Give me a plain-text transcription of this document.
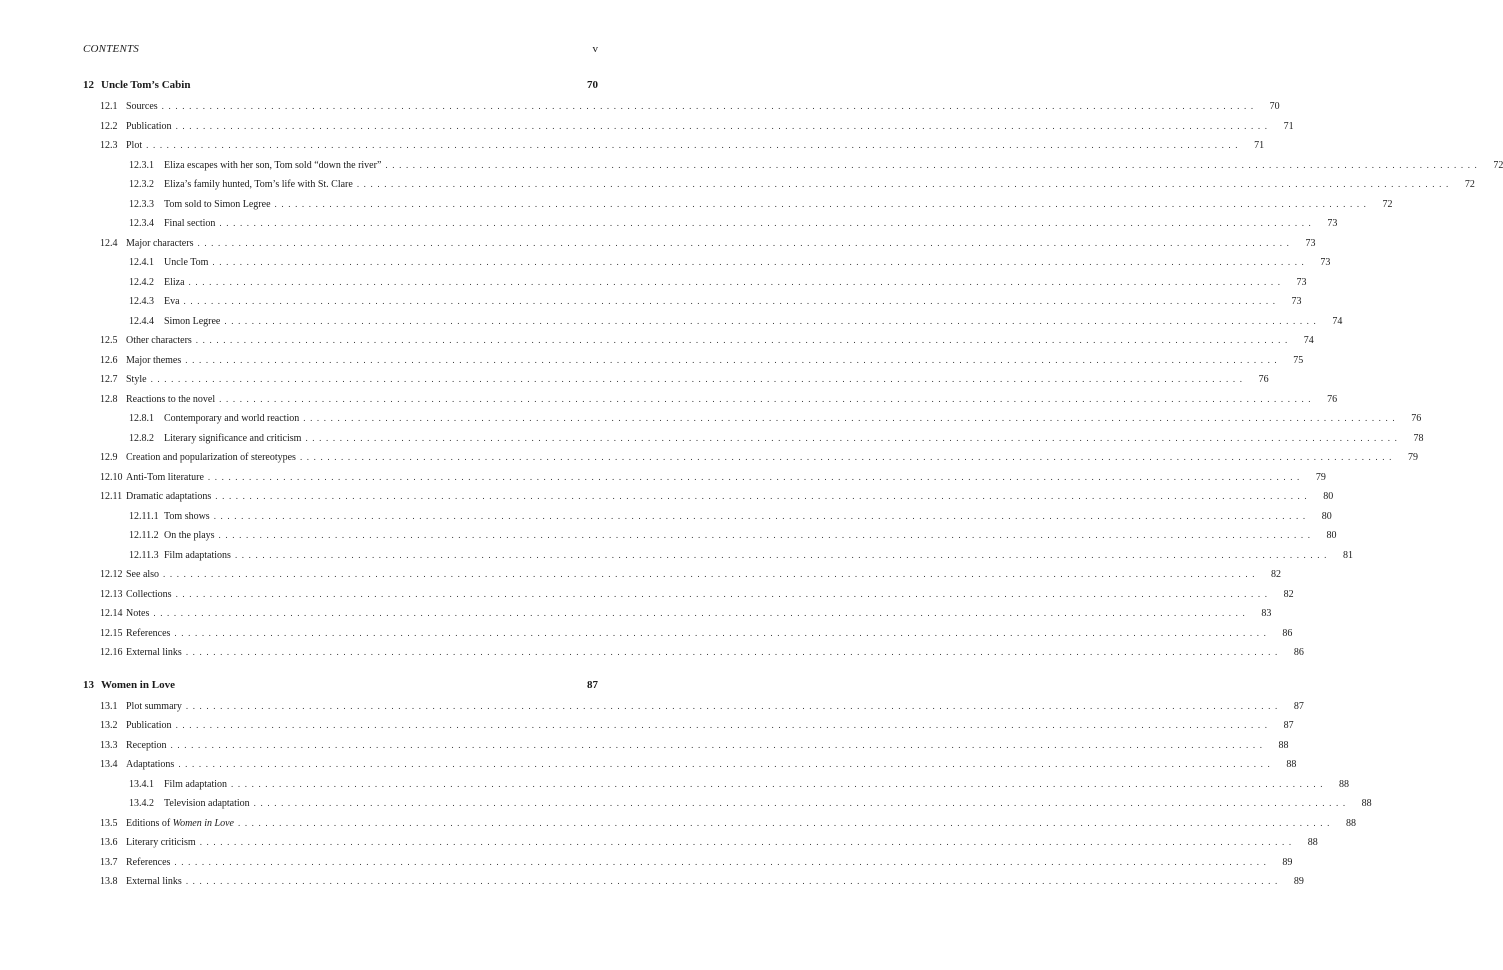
CONTENTS	v
12 Uncle Tom’s Cabin	70
12.1 Sources ................................................................................................................................................................	70
12.2 Publication ................................................................................................................................................................	71
12.3 Plot ................................................................................................................................................................	71
12.3.1	Eliza escapes with her son, Tom sold “down the river” ................................................................................................................................................................	72
12.3.2	Eliza’s family hunted, Tom’s life with St. Clare ................................................................................................................................................................	72
12.3.3	Tom sold to Simon Legree ................................................................................................................................................................	72
12.3.4	Final section ................................................................................................................................................................	73
12.4 Major characters ................................................................................................................................................................	73
12.4.1	Uncle Tom ................................................................................................................................................................	73
12.4.2	Eliza ................................................................................................................................................................	73
12.4.3	Eva ................................................................................................................................................................	73
12.4.4	Simon Legree ................................................................................................................................................................	74
12.5 Other characters ................................................................................................................................................................	74
12.6 Major themes ................................................................................................................................................................	75
12.7 Style ................................................................................................................................................................	76
12.8 Reactions to the novel ................................................................................................................................................................	76
12.8.1	Contemporary and world reaction ................................................................................................................................................................	76
12.8.2	Literary significance and criticism ................................................................................................................................................................	78
12.9 Creation and popularization of stereotypes ................................................................................................................................................................	79
12.10 Anti-Tom literature ................................................................................................................................................................	79
12.11 Dramatic adaptations ................................................................................................................................................................	80
12.11.1 Tom shows ................................................................................................................................................................	80
12.11.2 On the plays ................................................................................................................................................................	80
12.11.3 Film adaptations ................................................................................................................................................................	81
12.12 See also ................................................................................................................................................................	82
12.13 Collections ................................................................................................................................................................	82
12.14 Notes ................................................................................................................................................................	83
12.15 References ................................................................................................................................................................	86
12.16 External links ................................................................................................................................................................	86
13 Women in Love	87
13.1 Plot summary ................................................................................................................................................................	87
13.2 Publication ................................................................................................................................................................	87
13.3 Reception ................................................................................................................................................................	88
13.4 Adaptations ................................................................................................................................................................	88
13.4.1	Film adaptation ................................................................................................................................................................	88
13.4.2	Television adaptation ................................................................................................................................................................	88
13.5 Editions of Women in Love ................................................................................................................................................................	88
13.6 Literary criticism ................................................................................................................................................................	88
13.7 References ................................................................................................................................................................	89
13.8 External links ................................................................................................................................................................	89
